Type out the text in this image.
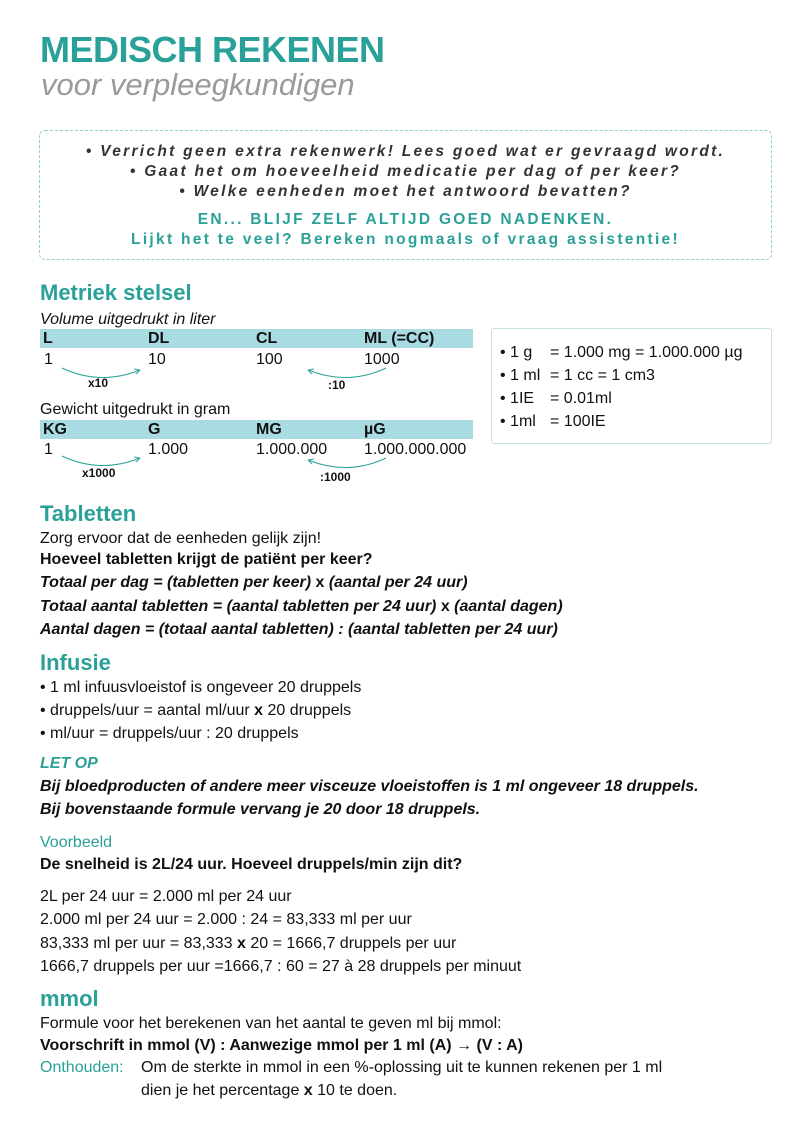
MEDISCH REKENEN
voor verpleegkundigen
• Verricht geen extra rekenwerk! Lees goed wat er gevraagd wordt.
• Gaat het om hoeveelheid medicatie per dag of per keer?
• Welke eenheden moet het antwoord bevatten?
EN... BLIJF ZELF ALTIJD GOED NADENKEN.
Lijkt het te veel? Bereken nogmaals of vraag assistentie!
Metriek stelsel
Volume uitgedrukt in liter
L	DL	CL	ML (=CC)
1	10	100	1000
x10	:10
Gewicht uitgedrukt in gram
KG	G	MG	µG
1	1.000	1.000.000 1.000.000.000
x1000	:1000
• 1 g = 1.000 mg = 1.000.000 µg
• 1 ml = 1 cc = 1 cm3
• 1IE = 0.01ml
• 1ml = 100IE
Tabletten
Zorg ervoor dat de eenheden gelijk zijn!
Hoeveel tabletten krijgt de patiënt per keer?
Totaal per dag = (tabletten per keer) x (aantal per 24 uur)
Totaal aantal tabletten = (aantal tabletten per 24 uur) x (aantal dagen)
Aantal dagen = (totaal aantal tabletten) : (aantal tabletten per 24 uur)
Infusie
• 1 ml infuusvloeistof is ongeveer 20 druppels
• druppels/uur = aantal ml/uur x 20 druppels
• ml/uur = druppels/uur : 20 druppels
LET OP
Bij bloedproducten of andere meer visceuze vloeistoffen is 1 ml ongeveer 18 druppels.
Bij bovenstaande formule vervang je 20 door 18 druppels.
Voorbeeld
De snelheid is 2L/24 uur. Hoeveel druppels/min zijn dit?
2L per 24 uur = 2.000 ml per 24 uur
2.000 ml per 24 uur = 2.000 : 24 = 83,333 ml per uur
83,333 ml per uur = 83,333 x 20 = 1666,7 druppels per uur
1666,7 druppels per uur =1666,7 : 60 = 27 à 28 druppels per minuut
mmol
Formule voor het berekenen van het aantal te geven ml bij mmol:
Voorschrift in mmol (V) : Aanwezige mmol per 1 ml (A) → (V : A)
Onthouden: Om de sterkte in mmol in een %-oplossing uit te kunnen rekenen per 1 ml
dien je het percentage x 10 te doen.
